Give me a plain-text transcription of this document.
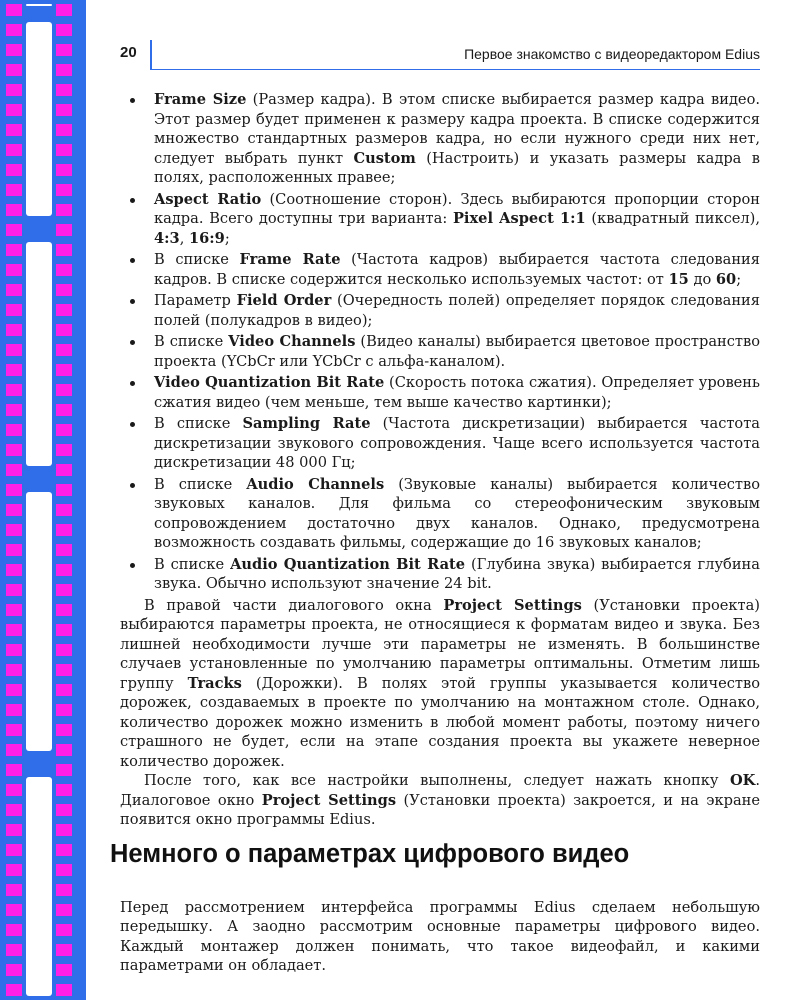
20	Первое знакомство с видеоредактором Edius
Frame Size (Размер кадра). В этом списке выбирается размер кадра видео. Этот размер будет применен к размеру кадра проекта. В списке содержится множество стандартных размеров кадра, но если нужного среди них нет, следует выбрать пункт Custom (Настроить) и указать размеры кадра в полях, расположенных правее;
Aspect Ratio (Соотношение сторон). Здесь выбираются пропорции сторон кадра. Всего доступны три варианта: Pixel Aspect 1:1 (квадратный пиксел), 4:3, 16:9;
В списке Frame Rate (Частота кадров) выбирается частота следования кадров. В списке содержится несколько используемых частот: от 15 до 60;
Параметр Field Order (Очередность полей) определяет порядок следования полей (полукадров в видео);
В списке Video Channels (Видео каналы) выбирается цветовое пространство проекта (YCbCr или YCbCr с альфа-каналом).
Video Quantization Bit Rate (Скорость потока сжатия). Определяет уровень сжатия видео (чем меньше, тем выше качество картинки);
В списке Sampling Rate (Частота дискретизации) выбирается частота дискретизации звукового сопровождения. Чаще всего используется частота дискретизации 48 000 Гц;
В списке Audio Channels (Звуковые каналы) выбирается количество звуковых каналов. Для фильма со стереофоническим звуковым сопровождением достаточно двух каналов. Однако, предусмотрена возможность создавать фильмы, содержащие до 16 звуковых каналов;
В списке Audio Quantization Bit Rate (Глубина звука) выбирается глубина звука. Обычно используют значение 24 bit.

В правой части диалогового окна Project Settings (Установки проекта) выбираются параметры проекта, не относящиеся к форматам видео и звука. Без лишней необходимости лучше эти параметры не изменять. В большинстве случаев установленные по умолчанию параметры оптимальны. Отметим лишь группу Tracks (Дорожки). В полях этой группы указывается количество дорожек, создаваемых в проекте по умолчанию на монтажном столе. Однако, количество дорожек можно изменить в любой момент работы, поэтому ничего страшного не будет, если на этапе создания проекта вы укажете неверное количество дорожек.

После того, как все настройки выполнены, следует нажать кнопку OK. Диалоговое окно Project Settings (Установки проекта) закроется, и на экране появится окно программы Edius.

Немного о параметрах цифрового видео

Перед рассмотрением интерфейса программы Edius сделаем небольшую передышку. А заодно рассмотрим основные параметры цифрового видео. Каждый монтажер должен понимать, что такое видеофайл, и какими параметрами он обладает.
